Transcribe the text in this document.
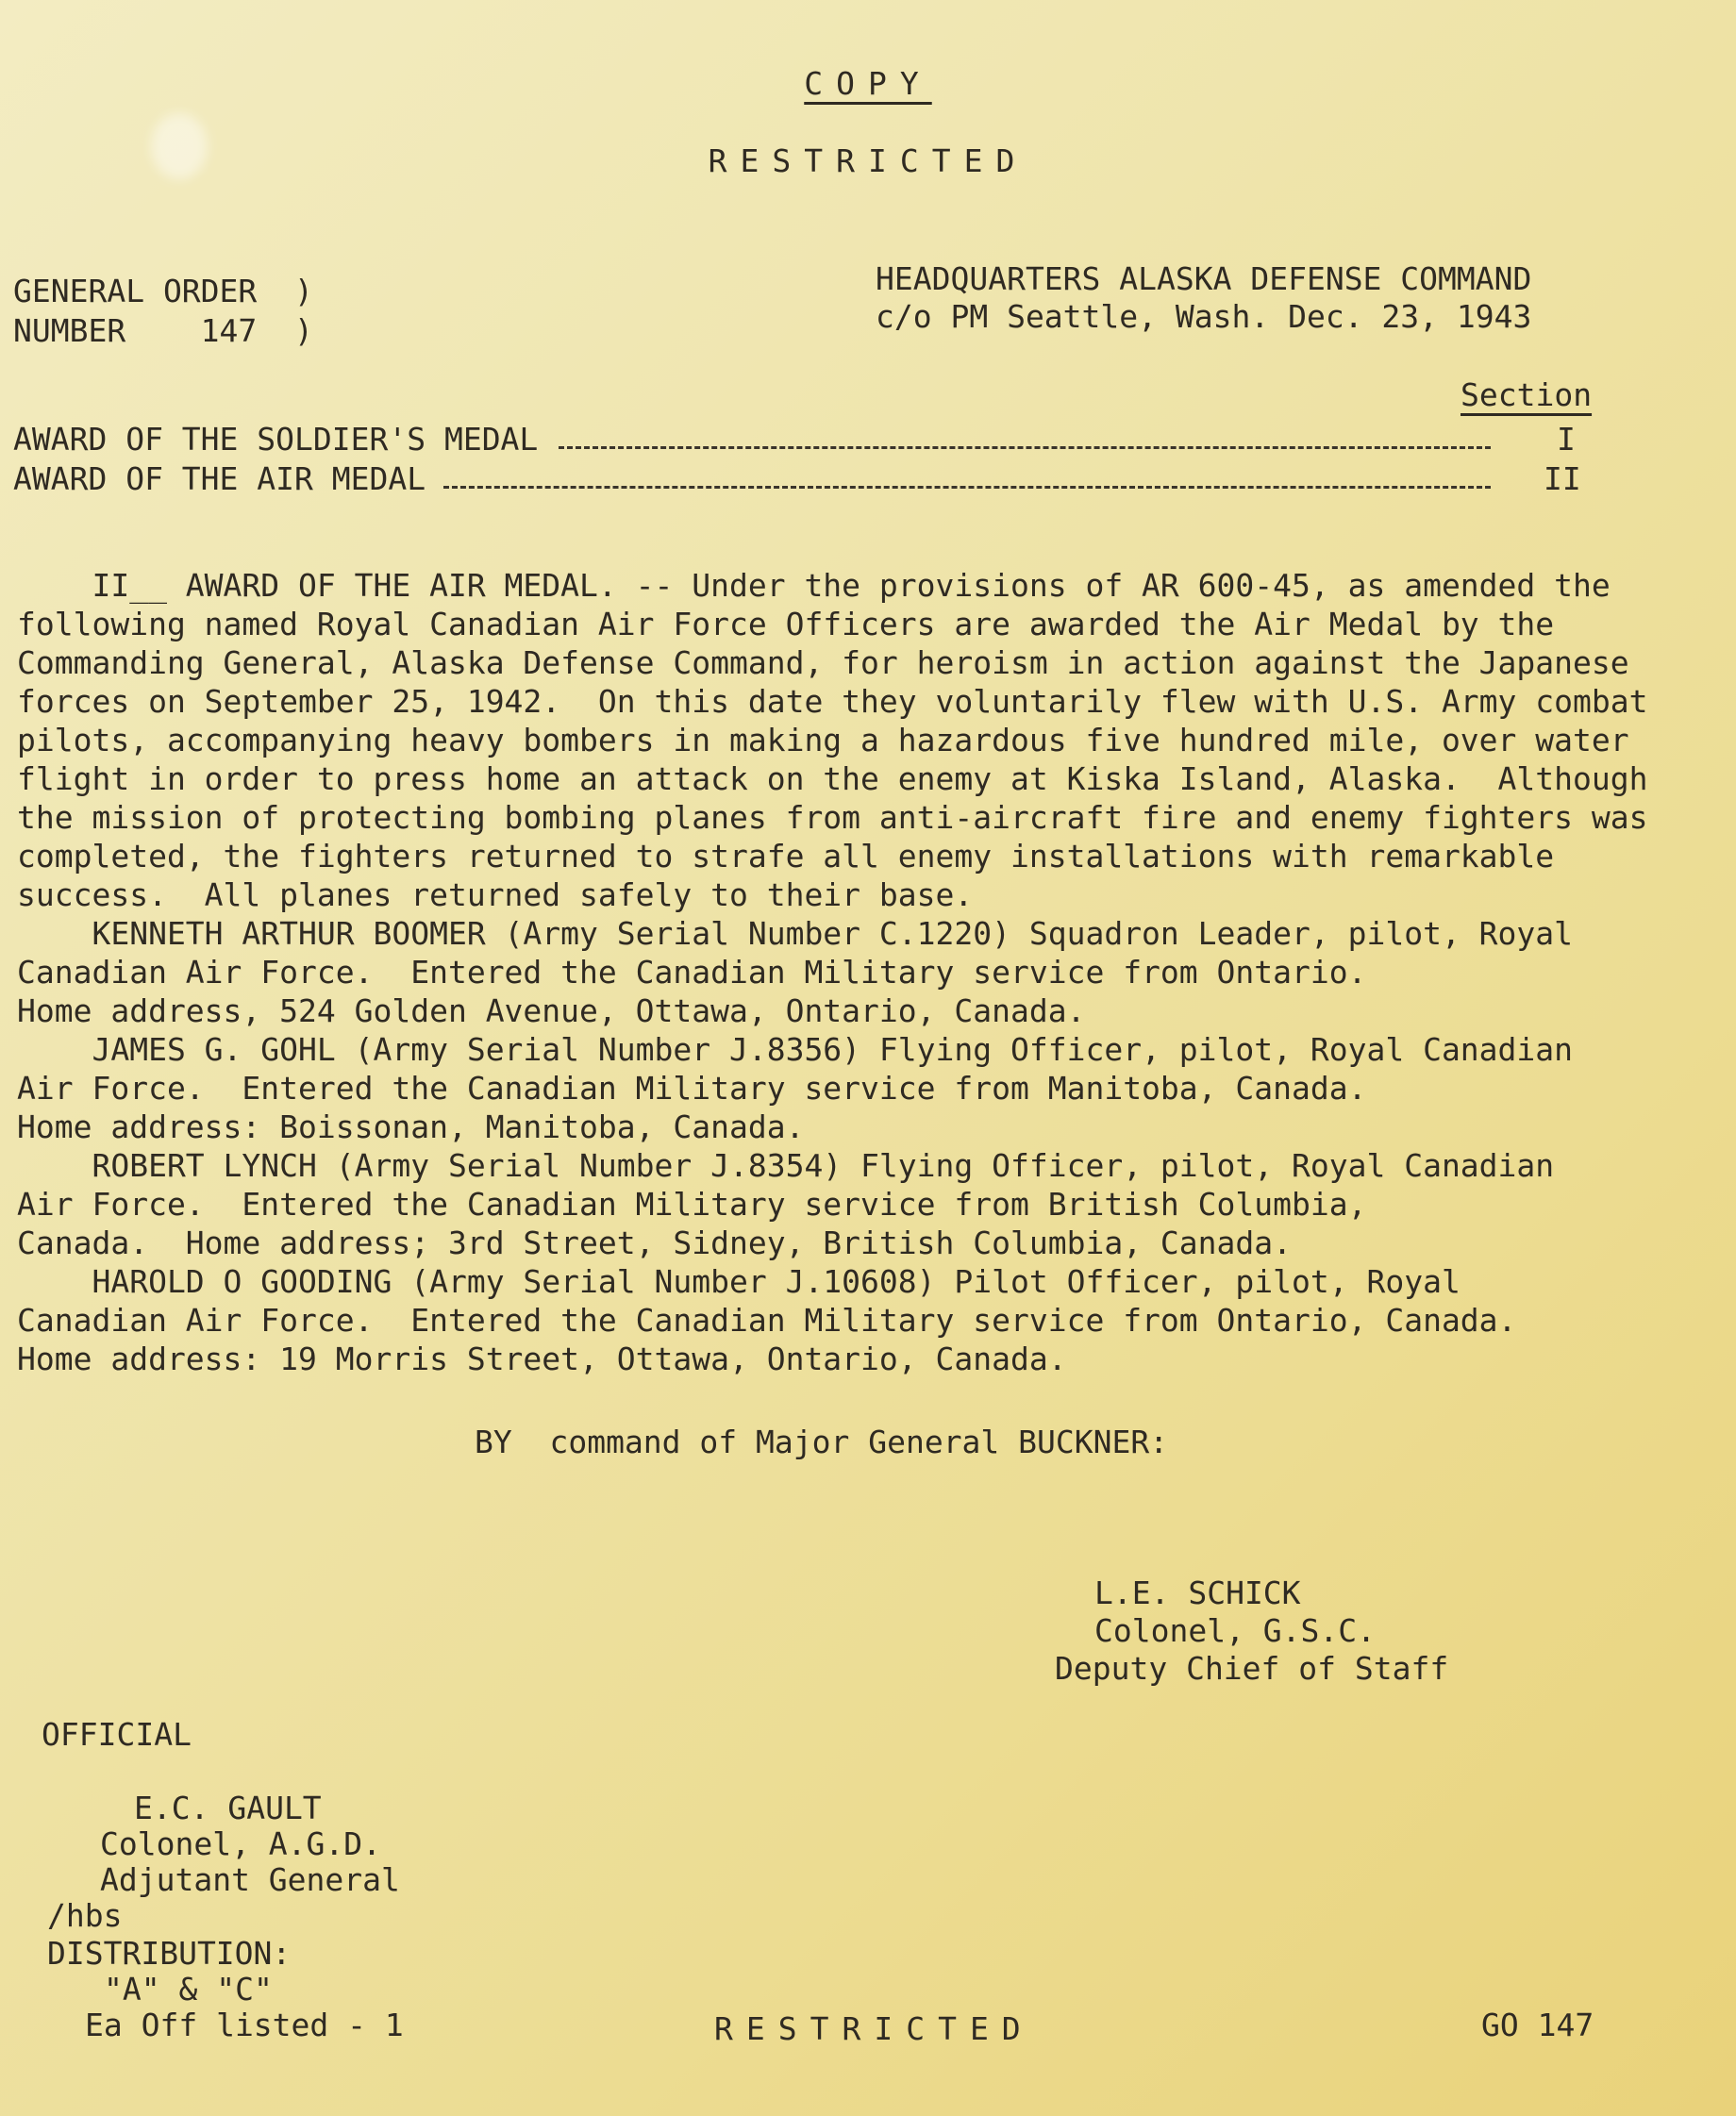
COPY
RESTRICTED
GENERAL ORDER  )
NUMBER    147  )
HEADQUARTERS ALASKA DEFENSE COMMAND
c/o PM Seattle, Wash. Dec. 23, 1943
Section
AWARD OF THE SOLDIER'S MEDAL	I
AWARD OF THE AIR MEDAL	II
II__ AWARD OF THE AIR MEDAL. -- Under the provisions of AR 600-45, as amended the
following named Royal Canadian Air Force Officers are awarded the Air Medal by the
Commanding General, Alaska Defense Command, for heroism in action against the Japanese
forces on September 25, 1942.  On this date they voluntarily flew with U.S. Army combat
pilots, accompanying heavy bombers in making a hazardous five hundred mile, over water
flight in order to press home an attack on the enemy at Kiska Island, Alaska.  Although
the mission of protecting bombing planes from anti-aircraft fire and enemy fighters was
completed, the fighters returned to strafe all enemy installations with remarkable
success.  All planes returned safely to their base.
KENNETH ARTHUR BOOMER (Army Serial Number C.1220) Squadron Leader, pilot, Royal
Canadian Air Force.  Entered the Canadian Military service from Ontario.
Home address, 524 Golden Avenue, Ottawa, Ontario, Canada.
JAMES G. GOHL (Army Serial Number J.8356) Flying Officer, pilot, Royal Canadian
Air Force.  Entered the Canadian Military service from Manitoba, Canada.
Home address: Boissonan, Manitoba, Canada.
ROBERT LYNCH (Army Serial Number J.8354) Flying Officer, pilot, Royal Canadian
Air Force.  Entered the Canadian Military service from British Columbia,
Canada.  Home address; 3rd Street, Sidney, British Columbia, Canada.
HAROLD O GOODING (Army Serial Number J.10608) Pilot Officer, pilot, Royal
Canadian Air Force.  Entered the Canadian Military service from Ontario, Canada.
Home address: 19 Morris Street, Ottawa, Ontario, Canada.
BY  command of Major General BUCKNER:
L.E. SCHICK
Colonel, G.S.C.
Deputy Chief of Staff
OFFICIAL
E.C. GAULT
Colonel, A.G.D.
Adjutant General
/hbs
DISTRIBUTION:
"A" & "C"
Ea Off listed - 1	RESTRICTED	GO 147
